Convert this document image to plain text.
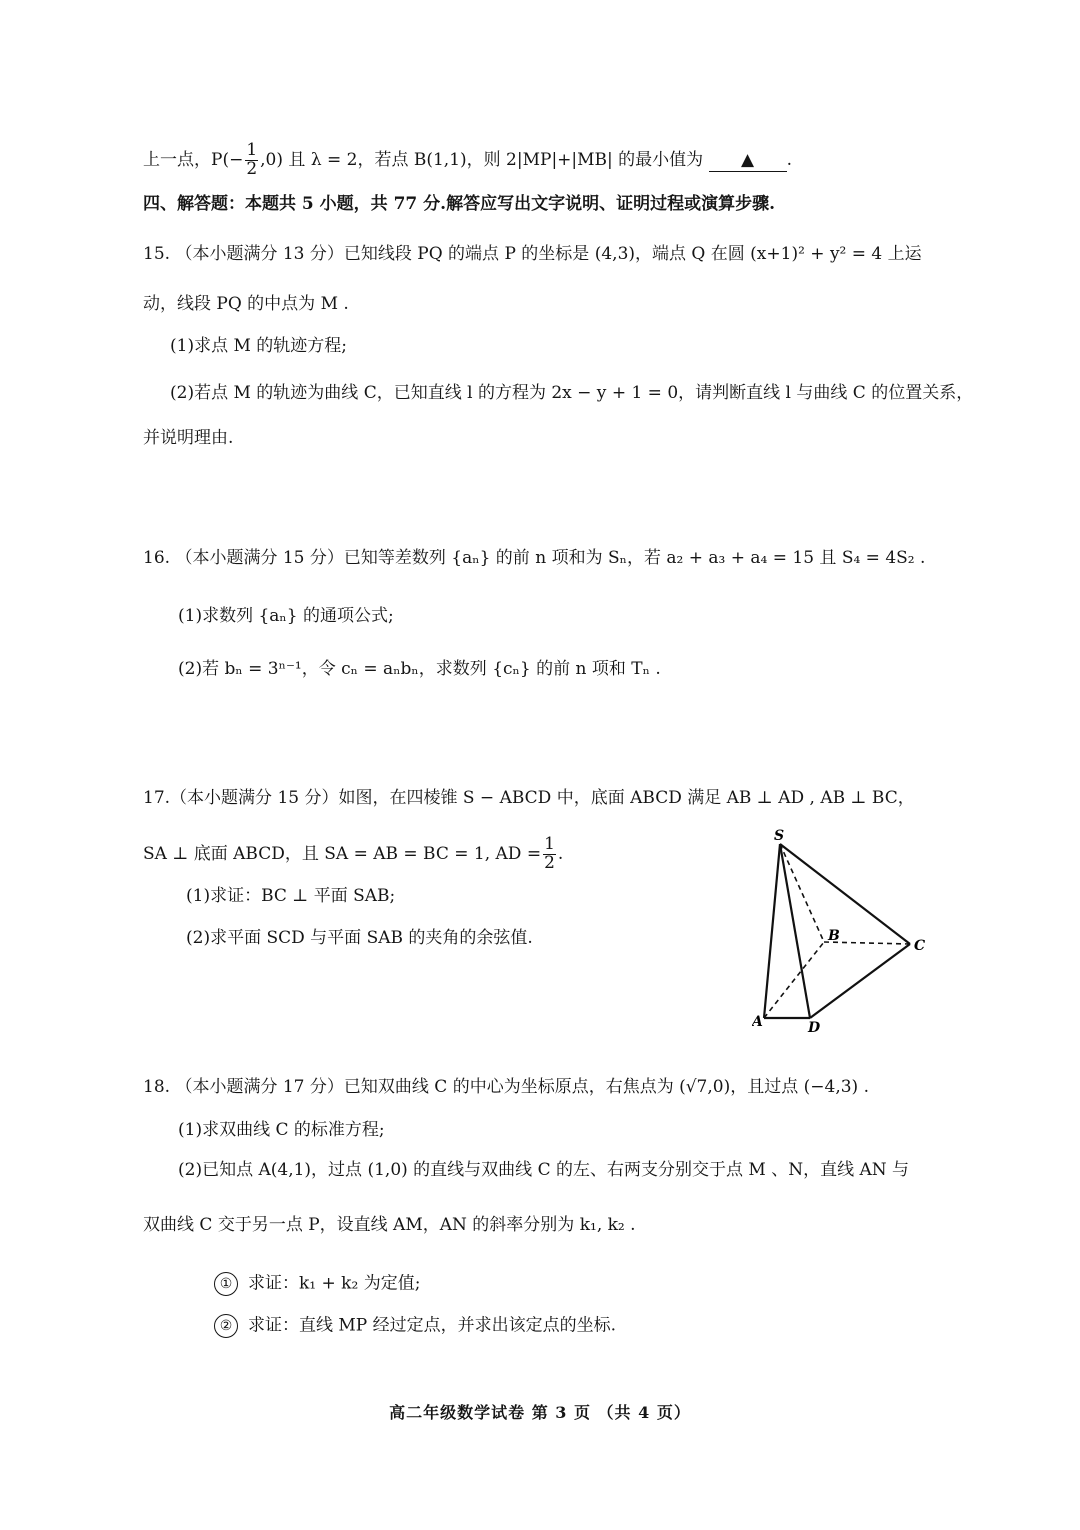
上一点，$P(- \frac{1}{2} ,0)$ 且 λ = 2，若点 B(1,1)，则 2|MP|+|MB| 的最小值为 ▲ .
四、解答题：本题共 5 小题，共 77 分.解答应写出文字说明、证明过程或演算步骤.
15. （本小题满分 13 分）已知线段 PQ 的端点 P 的坐标是 (4,3)，端点 Q 在圆 (x+1)² + y² = 4 上运
动，线段 PQ 的中点为 M .
(1)求点 M 的轨迹方程;
(2)若点 M 的轨迹为曲线 C，已知直线 l 的方程为 2x − y + 1 = 0，请判断直线 l 与曲线 C 的位置关系，
并说明理由.
16. （本小题满分 15 分）已知等差数列 {aₙ} 的前 n 项和为 Sₙ，若 a₂ + a₃ + a₄ = 15 且 S₄ = 4S₂ .
(1)求数列 {aₙ} 的通项公式;
(2)若 bₙ = 3ⁿ⁻¹，令 cₙ = aₙbₙ，求数列 {cₙ} 的前 n 项和 Tₙ .
17.（本小题满分 15 分）如图，在四棱锥 S − ABCD 中，底面 ABCD 满足 AB ⊥ AD , AB ⊥ BC，
SA ⊥ 底面 ABCD，且 SA = AB = BC = 1, AD = $\frac{1}{2}$ .
(1)求证：BC ⊥ 平面 SAB;
(2)求平面 SCD 与平面 SAB 的夹角的余弦值.
S
A
B
C
D
18. （本小题满分 17 分）已知双曲线 C 的中心为坐标原点，右焦点为 (√7,0)，且过点 (−4,3) .
(1)求双曲线 C 的标准方程;
(2)已知点 A(4,1)，过点 (1,0) 的直线与双曲线 C 的左、右两支分别交于点 M 、N，直线 AN 与
双曲线 C 交于另一点 P，设直线 AM，AN 的斜率分别为 k₁, k₂ .
① 求证：k₁ + k₂ 为定值;
② 求证：直线 MP 经过定点，并求出该定点的坐标.
高二年级数学试卷 第 3 页 （共 4 页）
